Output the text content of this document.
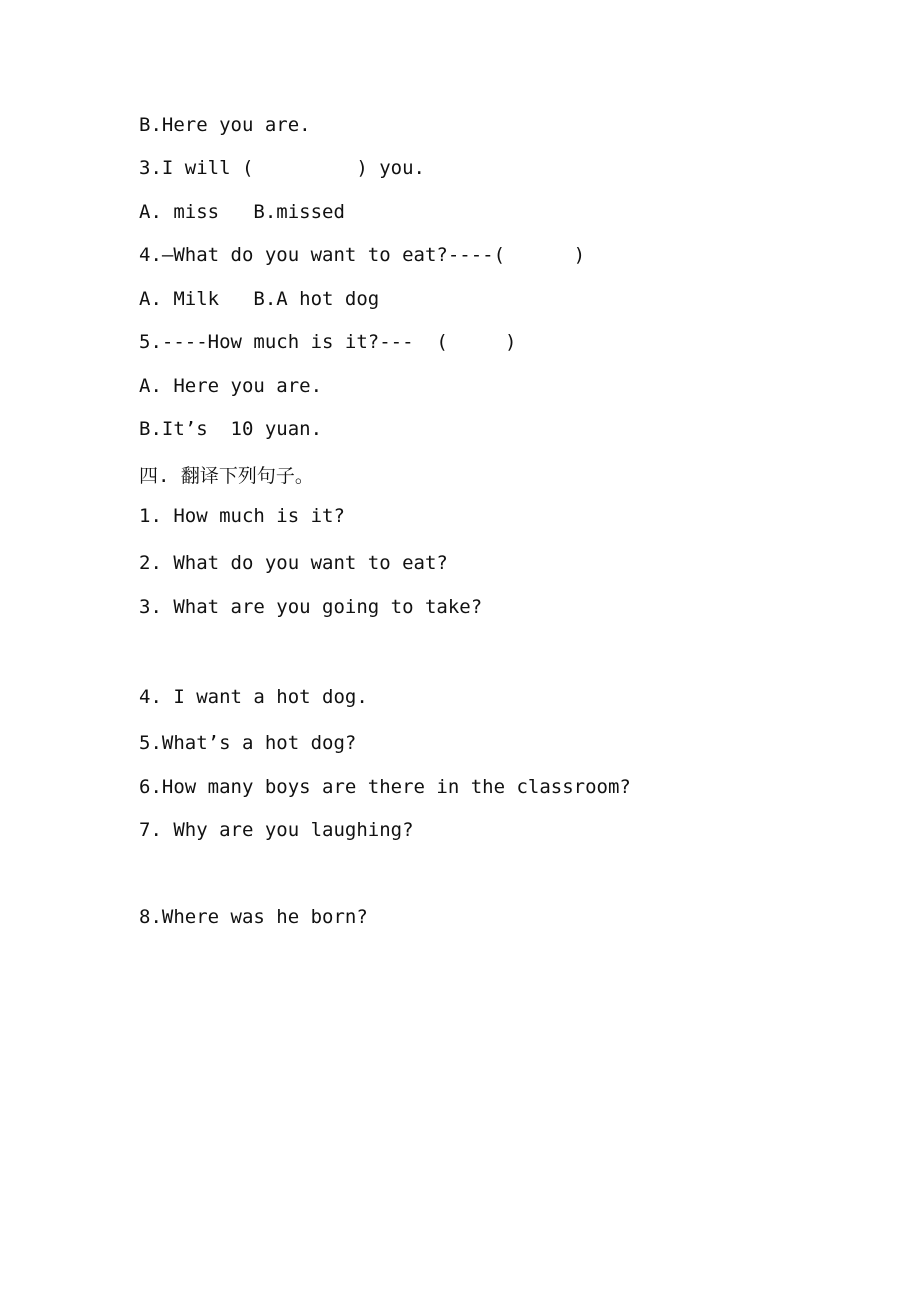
B.Here you are.
3.I will (         ) you.
A. miss   B.missed
4.—What do you want to eat?----(      )
A. Milk   B.A hot dog
5.----How much is it?---  (     )
A. Here you are.
B.It’s  10 yuan.
四. 翻译下列句子。
1. How much is it?
2. What do you want to eat?
3. What are you going to take?
4. I want a hot dog.
5.What’s a hot dog?
6.How many boys are there in the classroom?
7. Why are you laughing?
8.Where was he born?
